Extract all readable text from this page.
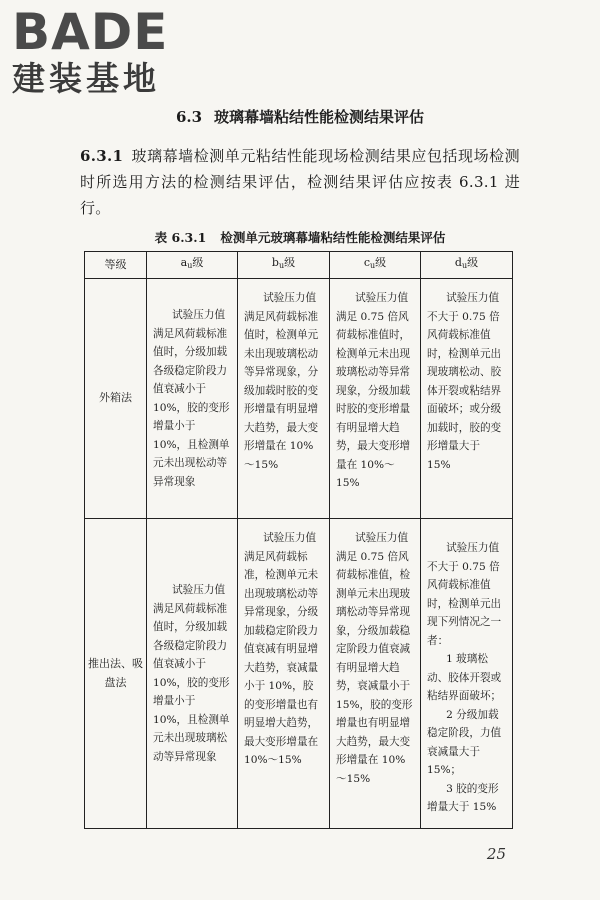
BADE
建装基地
6.3 玻璃幕墙粘结性能检测结果评估
6.3.1 玻璃幕墙检测单元粘结性能现场检测结果应包括现场检测时所选用方法的检测结果评估，检测结果评估应按表 6.3.1 进行。
表 6.3.1 检测单元玻璃幕墙粘结性能检测结果评估
等级	$a_u$级	$b_u$级	$c_u$级	$d_u$级
外箱法	试验压力值满足风荷载标准值时，分级加载各级稳定阶段力值衰减小于 10%，胶的变形增量小于 10%，且检测单元未出现松动等异常现象	试验压力值满足风荷载标准值时，检测单元未出现玻璃松动等异常现象，分级加载时胶的变形增量有明显增大趋势，最大变形增量在 10%～15%	试验压力值满足 0.75 倍风荷载标准值时，检测单元未出现玻璃松动等异常现象，分级加载时胶的变形增量有明显增大趋势，最大变形增量在 10%～15%	试验压力值不大于 0.75 倍风荷载标准值时，检测单元出现玻璃松动、胶体开裂或粘结界面破坏；或分级加载时，胶的变形增量大于 15%
推出法、吸盘法	试验压力值满足风荷载标准值时，分级加载各级稳定阶段力值衰减小于 10%，胶的变形增量小于 10%，且检测单元未出现玻璃松动等异常现象	试验压力值满足风荷载标准，检测单元未出现玻璃松动等异常现象，分级加载稳定阶段力值衰减有明显增大趋势，衰减量小于 10%，胶的变形增量也有明显增大趋势，最大变形增量在 10%～15%	试验压力值满足 0.75 倍风荷载标准值，检测单元未出现玻璃松动等异常现象，分级加载稳定阶段力值衰减有明显增大趋势，衰减量小于 15%，胶的变形增量也有明显增大趋势，最大变形增量在 10%～15%	试验压力值不大于 0.75 倍风荷载标准值时，检测单元出现下列情况之一者：
1 玻璃松动、胶体开裂或粘结界面破坏；
2 分级加载稳定阶段，力值衰减量大于 15%；
3 胶的变形增量大于 15%
25
